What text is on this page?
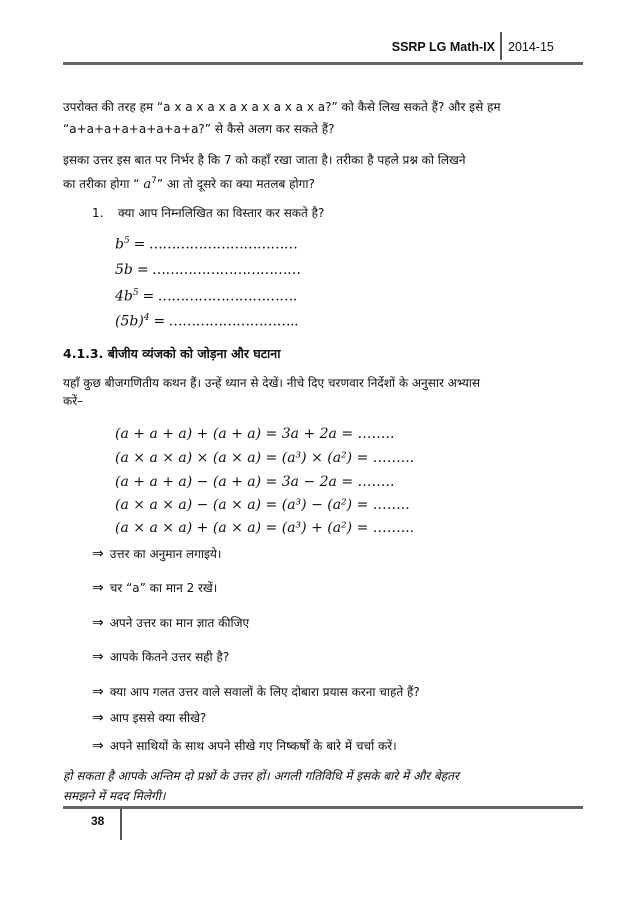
SSRP LG Math-IX 2014-15
उपरोक्त की तरह हम “a x a x a x a x a x a x a x a?” को कैसे लिख सकते हैं? और इसे हम
“a+a+a+a+a+a+a+a?” से कैसे अलग कर सकते हैं?
इसका उत्तर इस बात पर निर्भर है कि 7 को कहाँ रखा जाता है। तरीका है पहले प्रश्न को लिखने
का तरीका होगा “ $a^7$” आ तो दूसरे का क्या मतलब होगा?
1. क्या आप निम्नलिखित का विस्तार कर सकते है?
$b^5$ = ……………………………
5b = ……………………………
$4b^5$ = ………………………….
$(5b)^4$ = ………………………..
4.1.3. बीजीय व्यंजको को जोड़ना और घटाना
यहाँ कुछ बीजगणितीय कथन हैं। उन्हें ध्यान से देखें। नीचे दिए चरणवार निर्देशों के अनुसार अभ्यास
करें–
(a + a + a) + (a + a) = 3a + 2a = ……..
(a × a × a) × (a × a) = (a³) × (a²) = ……...
(a + a + a) − (a + a) = 3a − 2a = ……..
(a × a × a) − (a × a) = (a³) − (a²) = ……..
(a × a × a) + (a × a) = (a³) + (a²) = ……...
⇒ उत्तर का अनुमान लगाइये।
⇒ चर “a” का मान 2 रखें।
⇒ अपने उत्तर का मान ज्ञात कीजिए
⇒ आपके कितने उत्तर सही है?
⇒ क्या आप गलत उत्तर वाले सवालों के लिए दोबारा प्रयास करना चाहते हैं?
⇒ आप इससे क्या सीखे?
⇒ अपने साथियों के साथ अपने सीखे गए निष्कर्षों के बारे में चर्चा करें।
हो सकता है आपके अन्तिम दो प्रश्नों के उत्तर हों। अगली गतिविधि में इसके बारे में और बेहतर
समझने में मदद मिलेगी।
38
